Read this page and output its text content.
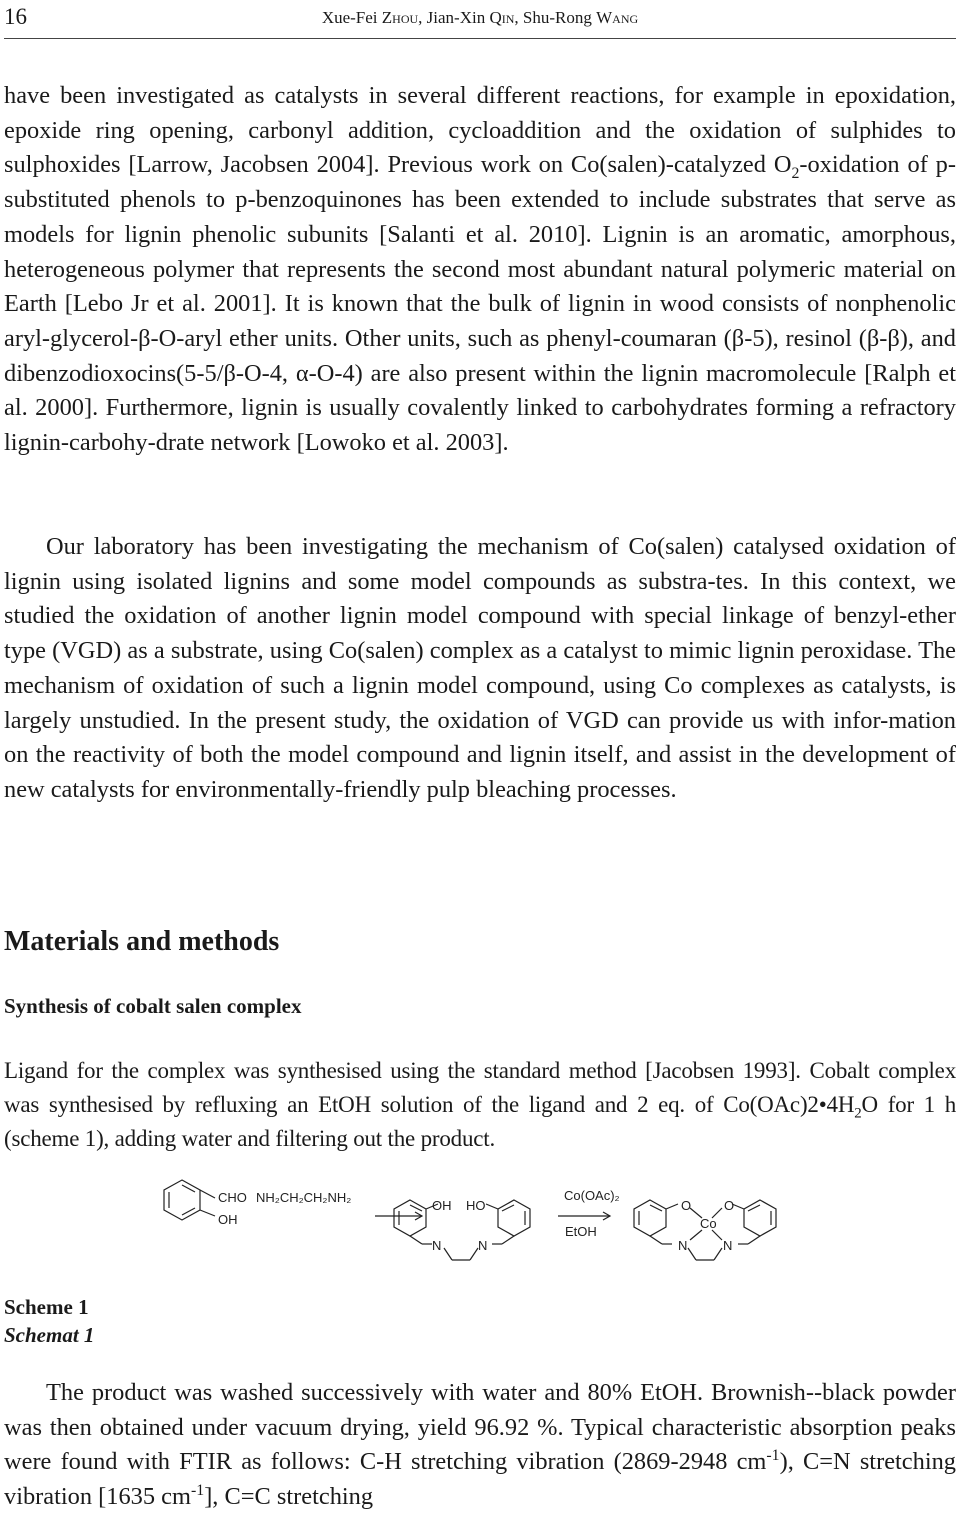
16	Xue-Fei Zhou, Jian-Xin Qin, Shu-Rong Wang

have been investigated as catalysts in several different reactions, for example in epoxidation, epoxide ring opening, carbonyl addition, cycloaddition and the oxidation of sulphides to sulphoxides [Larrow, Jacobsen 2004]. Previous work on Co(salen)-catalyzed $O_2$-oxidation of p-substituted phenols to p-benzoquinones has been extended to include substrates that serve as models for lignin phenolic subunits [Salanti et al. 2010]. Lignin is an aromatic, amorphous, heterogeneous polymer that represents the second most abundant natural polymeric material on Earth [Lebo Jr et al. 2001]. It is known that the bulk of lignin in wood consists of nonphenolic aryl-glycerol-β-O-aryl ether units. Other units, such as phenyl-coumaran (β-5), resinol (β-β), and dibenzodioxocins(5-5/β-O-4, α-O-4) are also present within the lignin macromolecule [Ralph et al. 2000]. Furthermore, lignin is usually covalently linked to carbohydrates forming a refractory lignin-carbohy-drate network [Lowoko et al. 2003].

Our laboratory has been investigating the mechanism of Co(salen) catalysed oxidation of lignin using isolated lignins and some model compounds as substra-tes. In this context, we studied the oxidation of another lignin model compound with special linkage of benzyl-ether type (VGD) as a substrate, using Co(salen) complex as a catalyst to mimic lignin peroxidase. The mechanism of oxidation of such a lignin model compound, using Co complexes as catalysts, is largely unstudied. In the present study, the oxidation of VGD can provide us with infor-mation on the reactivity of both the model compound and lignin itself, and assist in the development of new catalysts for environmentally-friendly pulp bleaching processes.

Materials and methods
Synthesis of cobalt salen complex

Ligand for the complex was synthesised using the standard method [Jacobsen 1993]. Cobalt complex was synthesised by refluxing an EtOH solution of the ligand and 2 eq. of $Co(OAc)2•4H_2O$ for 1 h (scheme 1), adding water and filtering out the product.

CHO
OH
NH₂CH₂CH₂NH₂
OH HO
N	N
Co(OAc)₂
EtOH
O	O
Co
N	N
Scheme 1
Schemat 1

The product was washed successively with water and 80% EtOH. Brownish--black powder was then obtained under vacuum drying, yield 96.92 %. Typical characteristic absorption peaks were found with FTIR as follows: C-H stretching vibration (2869-2948 $cm^{-1}$), C=N stretching vibration [1635 $cm^{-1}$], C=C stretching
